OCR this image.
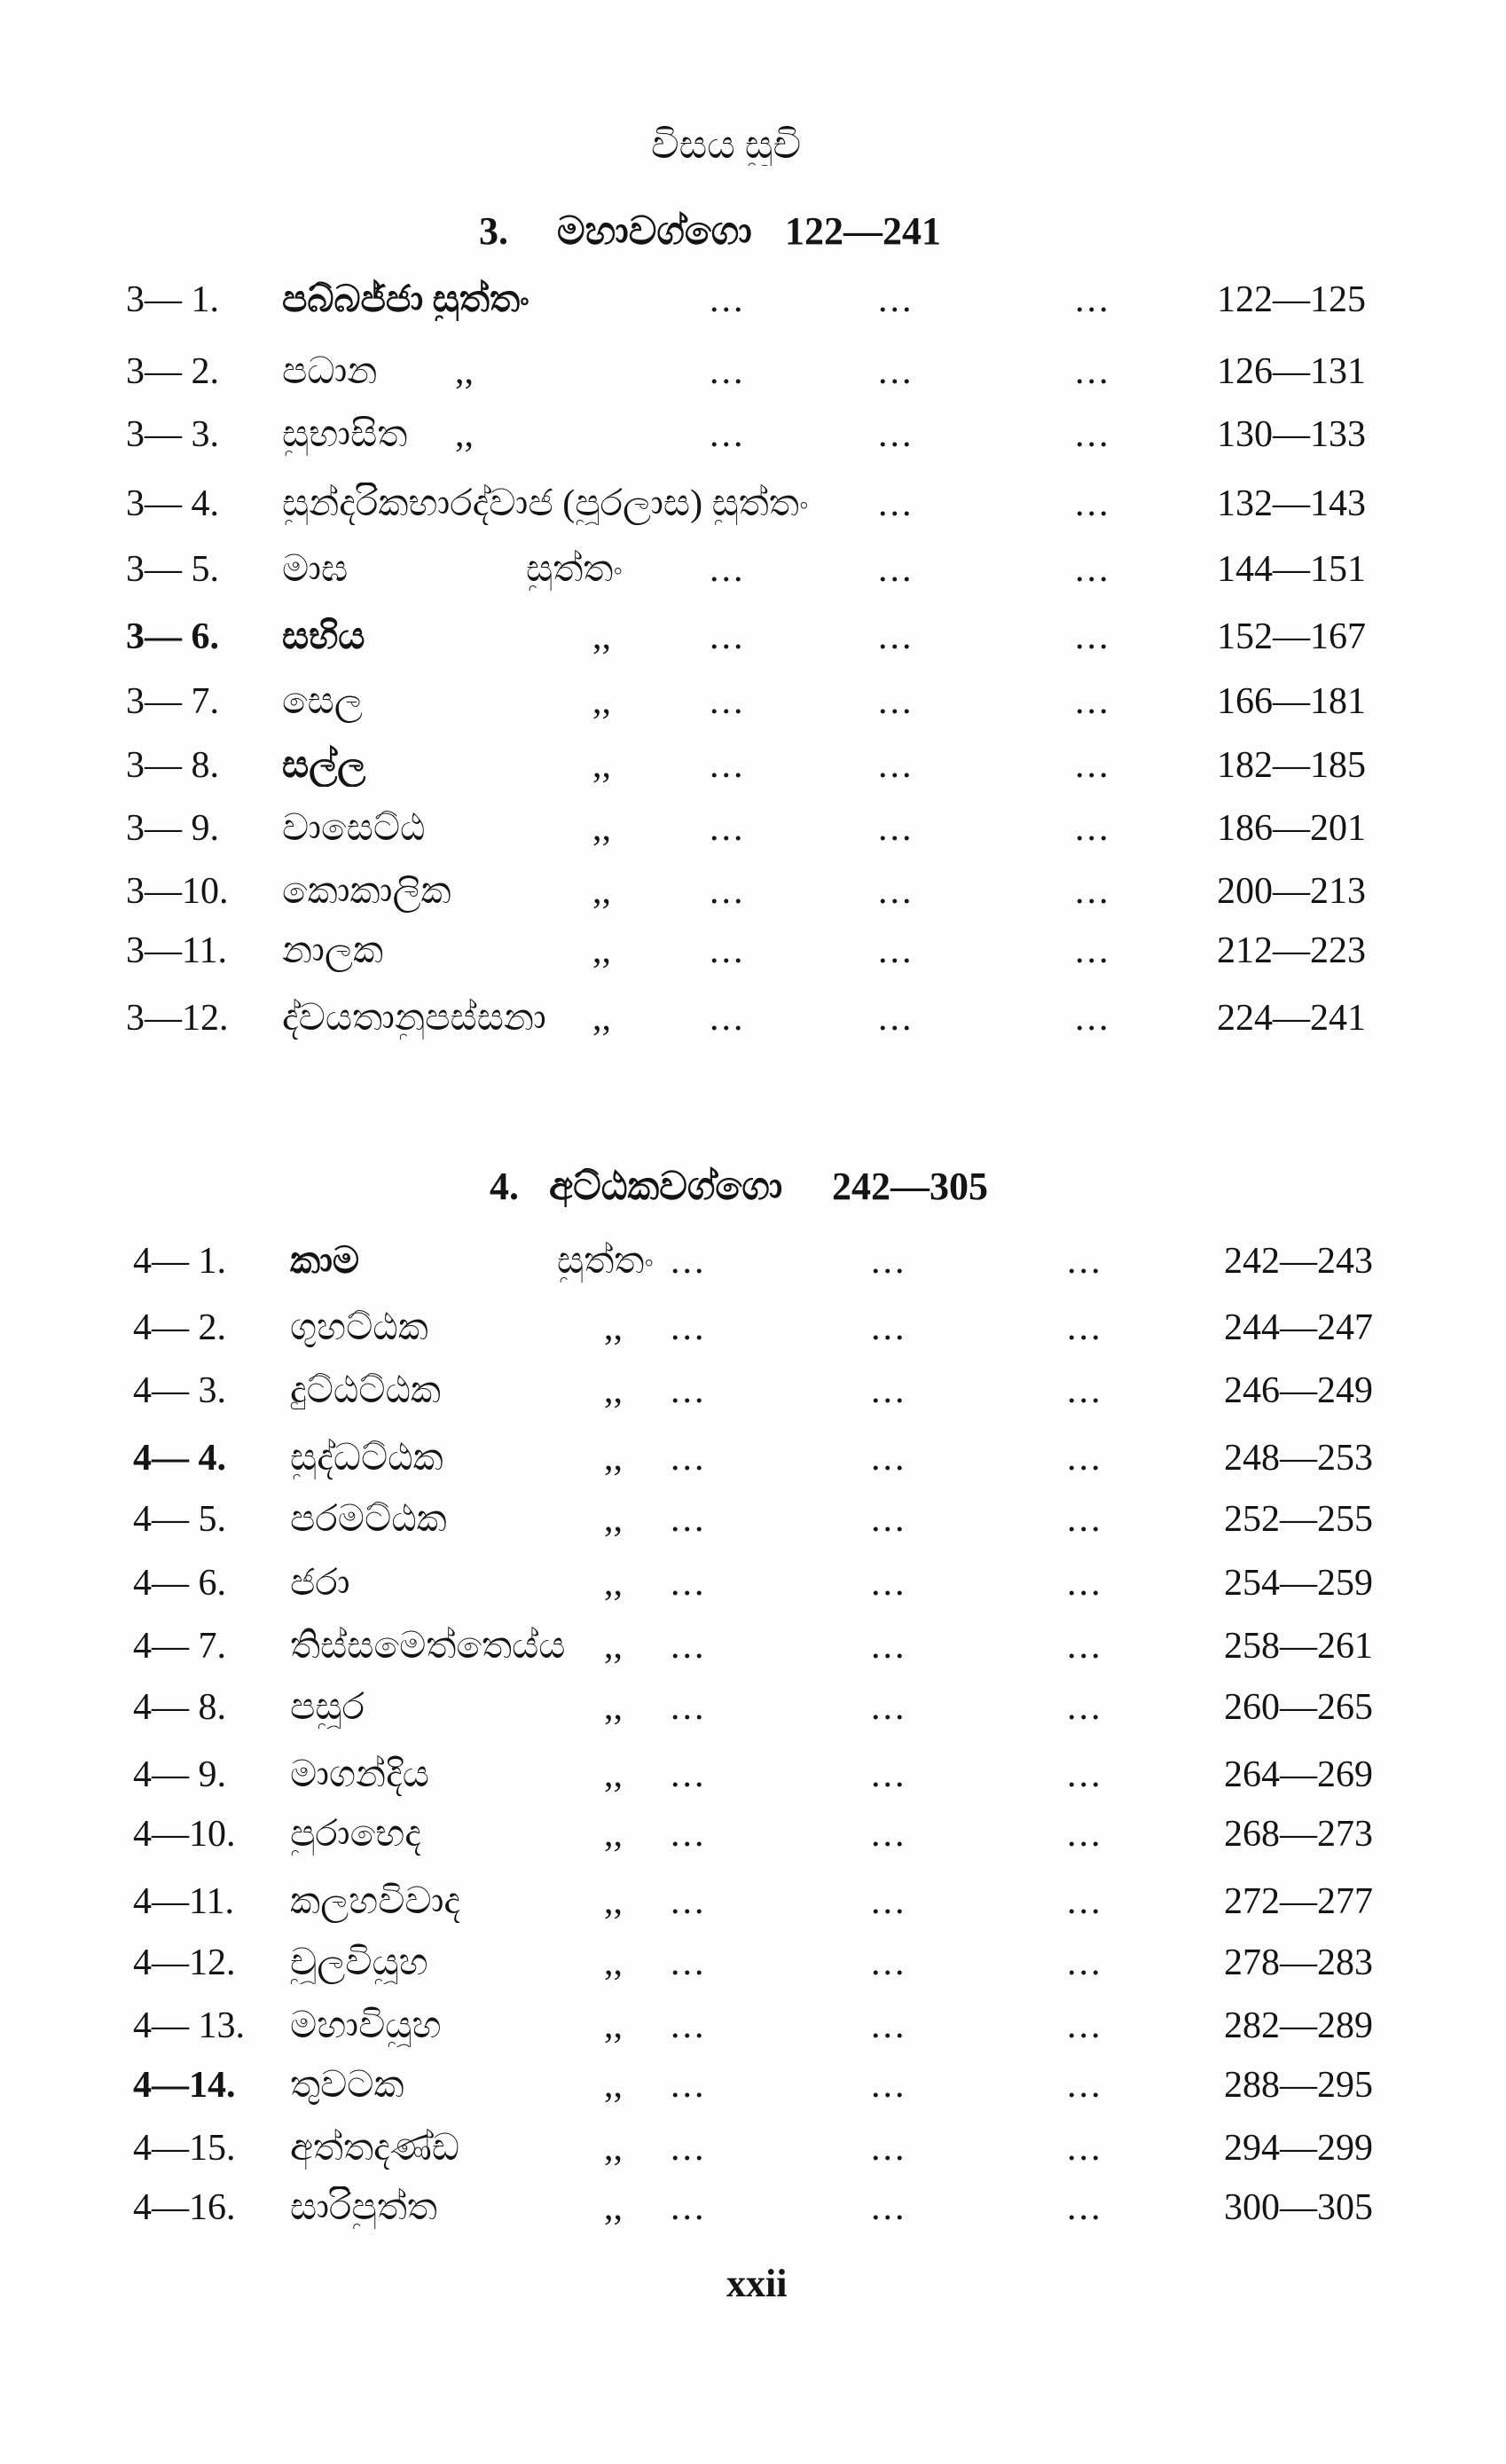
විසය සූචි
3. මහාවග්ගො 122—241
3— 1. පබ්බජ්ජා සුත්තං	...	...	...	122—125
3— 2. පධාන	,,	...	...	...	126—131
3— 3. සුභාසිත	,,	...	...	...	130—133
3— 4. සුන්දරිකභාරද්වාජ (පූරලාස) සුත්තං	...	...	132—143
3— 5. මාඝ	සුත්තං	...	...	...	144—151
3— 6. සභිය	,,	...	...	...	152—167
3— 7. සෙල	,,	...	...	...	166—181
3— 8. සල්ල	,,	...	...	...	182—185
3— 9. වාසෙට්ඨ	,,	...	...	...	186—201
3—10. කොකාලික	,,	...	...	...	200—213
3—11. නාලක	,,	...	...	...	212—223
3—12. ද්වයතානුපස්සනා	,,	...	...	...	224—241
4. අට්ඨකවග්ගො	242—305
4— 1. කාම	සුත්තං ...	...	...	242—243
4— 2. ගුහට්ඨක	,, ...	...	...	244—247
4— 3. දුට්ඨට්ඨක	,, ...	...	...	246—249
4— 4. සුද්ධට්ඨක	,, ...	...	...	248—253
4— 5. පරමට්ඨක	,, ...	...	...	252—255
4— 6. ජරා	,, ...	...	...	254—259
4— 7. තිස්සමෙත්තෙය්ය	,, ...	...	...	258—261
4— 8. පසූර	,, ...	...	...	260—265
4— 9. මාගන්දිය	,, ...	...	...	264—269
4—10. පුරාභෙද	,, ...	...	...	268—273
4—11. කලහවිවාද	,, ...	...	...	272—277
4—12. චූලවියූහ	,, ...	...	...	278—283
4— 13. මහාවියූහ	,, ...	...	...	282—289
4—14. තුවටක	,, ...	...	...	288—295
4—15. අත්තදණ්ඩ	,, ...	...	...	294—299
4—16. සාරිපුත්ත	,, ...	...	...	300—305
xxii
